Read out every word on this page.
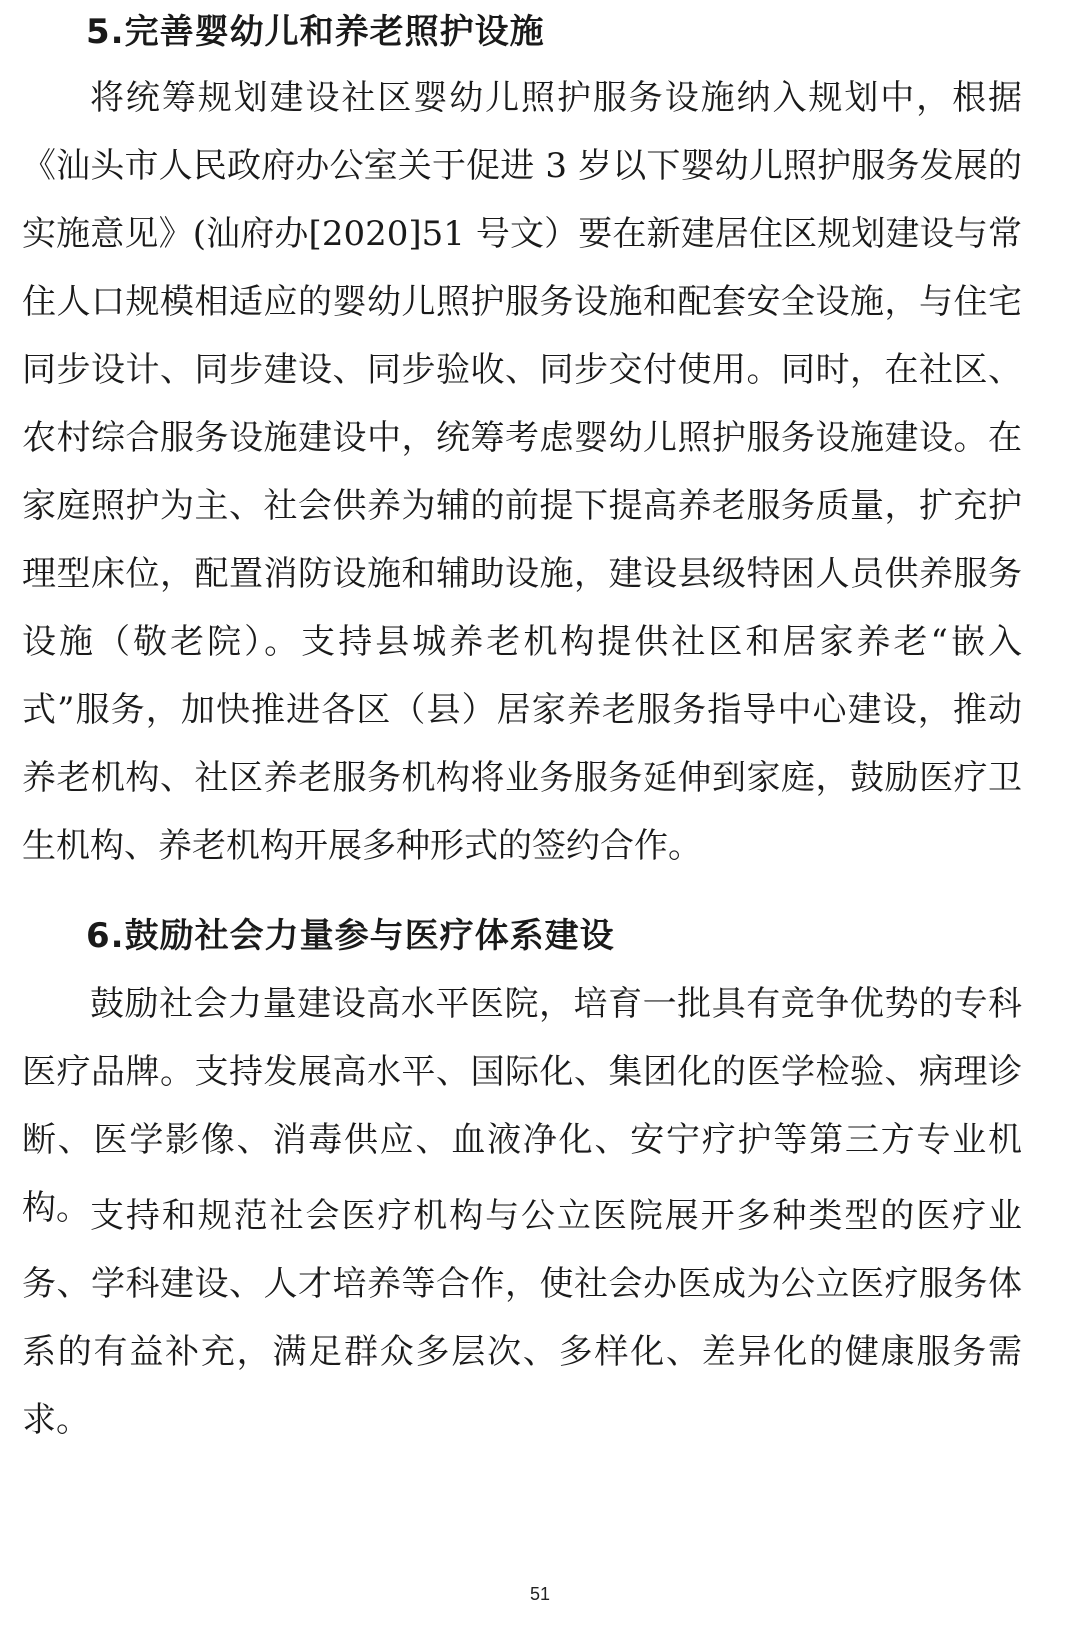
5.完善婴幼儿和养老照护设施

将统筹规划建设社区婴幼儿照护服务设施纳入规划中，根据《汕头市人民政府办公室关于促进 3 岁以下婴幼儿照护服务发展的实施意见》(汕府办[2020]51 号文）要在新建居住区规划建设与常住人口规模相适应的婴幼儿照护服务设施和配套安全设施，与住宅同步设计、同步建设、同步验收、同步交付使用。同时，在社区、农村综合服务设施建设中，统筹考虑婴幼儿照护服务设施建设。在家庭照护为主、社会供养为辅的前提下提高养老服务质量，扩充护理型床位，配置消防设施和辅助设施，建设县级特困人员供养服务设施（敬老院）。支持县城养老机构提供社区和居家养老“嵌入式”服务，加快推进各区（县）居家养老服务指导中心建设，推动养老机构、社区养老服务机构将业务服务延伸到家庭，鼓励医疗卫生机构、养老机构开展多种形式的签约合作。

6.鼓励社会力量参与医疗体系建设

鼓励社会力量建设高水平医院，培育一批具有竞争优势的专科医疗品牌。支持发展高水平、国际化、集团化的医学检验、病理诊断、医学影像、消毒供应、血液净化、安宁疗护等第三方专业机构。 支持和规范社会医疗机构与公立医院展开多种类型的医疗业务、学科建设、人才培养等合作，使社会办医成为公立医疗服务体系的有益补充，满足群众多层次、多样化、差异化的健康服务需求。

51
